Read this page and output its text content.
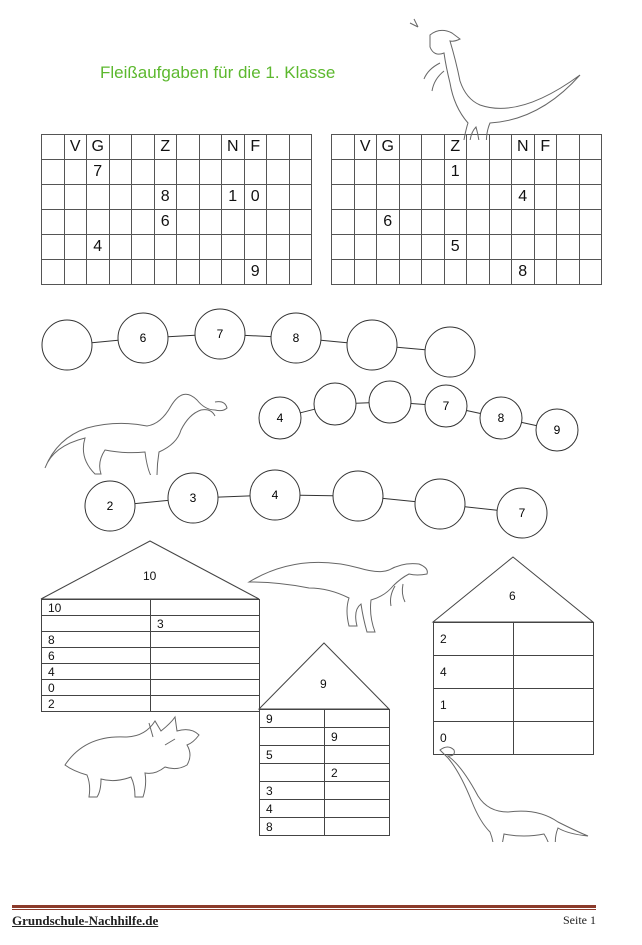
Fleißaufgaben für die 1. Klasse
	V	G			Z			N	F		
		7									
					8			1	0		
					6						
		4									
									9		
	V	G			Z			N	F		
					1						
								4			
		6									
					5						
								8			
6	7	8
4
7
8
9
2
3	4
7
10
9
6
10	
	3
8	
6	
4	
0	
2	
9	
	9
5	
	2
3	
4	
8	
2	
4	
1	
0	
Grundschule-Nachhilfe.de	Seite 1
